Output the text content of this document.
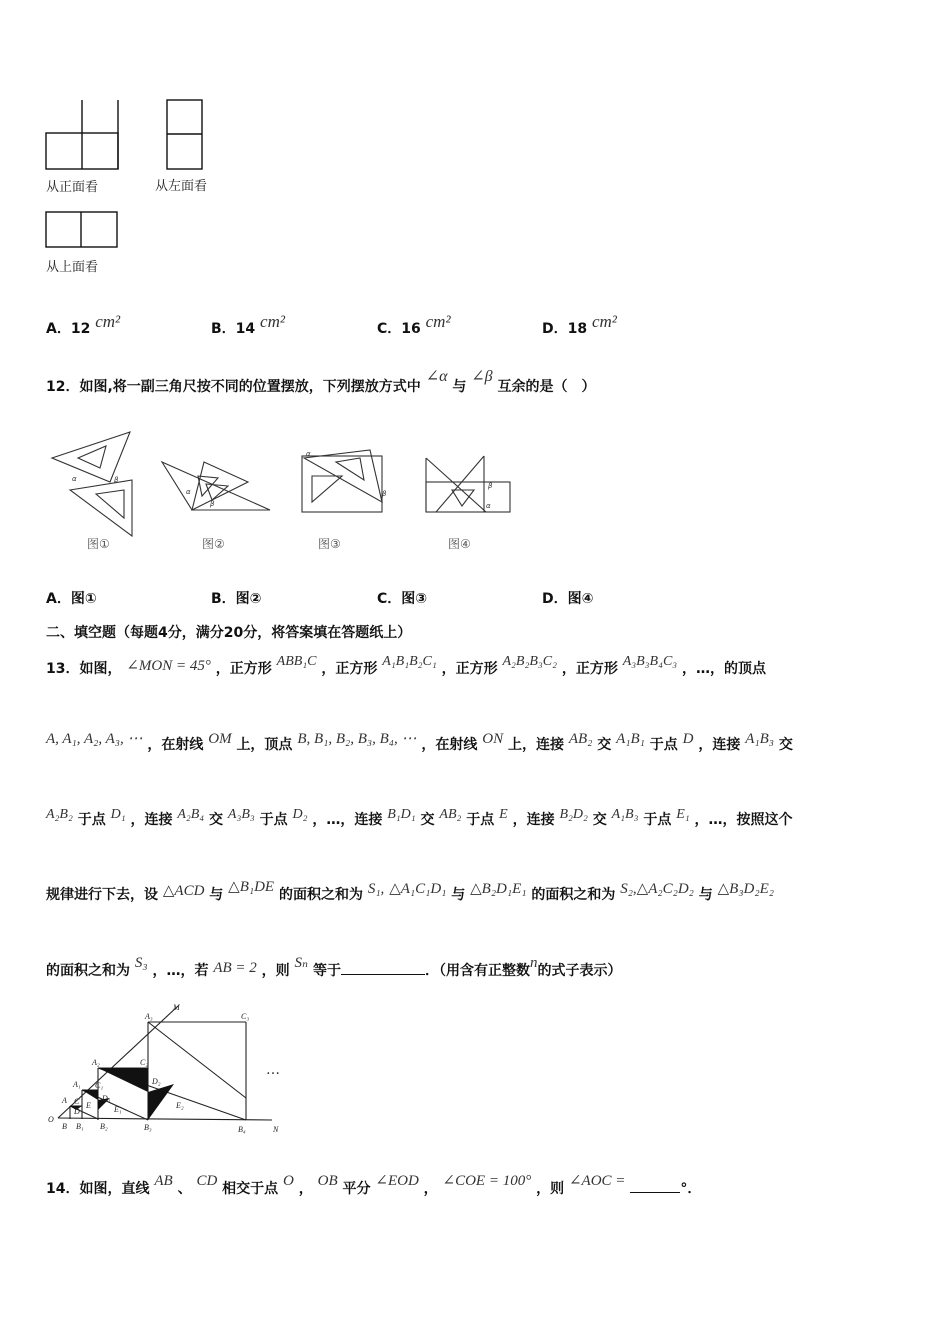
从正面看	从左面看
从上面看
A．12 cm²	B．14 cm²	C．16 cm²	D．18 cm²
12．如图,将一副三角尺按不同的位置摆放，下列摆放方式中 ∠α 与 ∠β 互余的是（　）
α	β
图①
α
β
图②
α
β
图③
β
α
图④
A．图①	B．图②	C．图③	D．图④
二、填空题（每题4分，满分20分，将答案填在答题纸上）
13．如图， ∠MON = 45° ，正方形 ABB₁C ，正方形 A₁B₁B₂C₁ ，正方形 A₂B₂B₃C₂ ，正方形 A₃B₃B₄C₃ ，…，的顶点
A, A₁, A₂, A₃, ⋯ ，在射线 OM 上，顶点 B, B₁, B₂, B₃, B₄, ⋯ ，在射线 ON 上，连接 AB₂ 交 A₁B₁ 于点 D ，连接 A₁B₃ 交
A₂B₂ 于点 D₁ ，连接 A₂B₄ 交 A₃B₃ 于点 D₂ ，…，连接 B₁D₁ 交 AB₂ 于点 E ，连接 B₂D₂ 交 A₁B₃ 于点 E₁ ，…，按照这个
规律进行下去，设 △ACD 与 △B₁DE 的面积之和为 S₁, △A₁C₁D₁ 与 △B₂D₁E₁ 的面积之和为 S₂,△A₂C₂D₂ 与 △B₃D₂E₂
的面积之和为 S₃ ，…，若 AB = 2 ，则 Sₙ 等于	．（用含有正整数n的式子表示）
O
N
M
A₃	C₃
A₂	C₂
A₁ C₁
A C
D₂
D₁
D
E₂
E₁
E
B B₁ B₂	B₃	B₄
…
14．如图，直线 AB 、 CD 相交于点 O ， OB 平分 ∠EOD ， ∠COE = 100° ，则 ∠AOC =	°．
